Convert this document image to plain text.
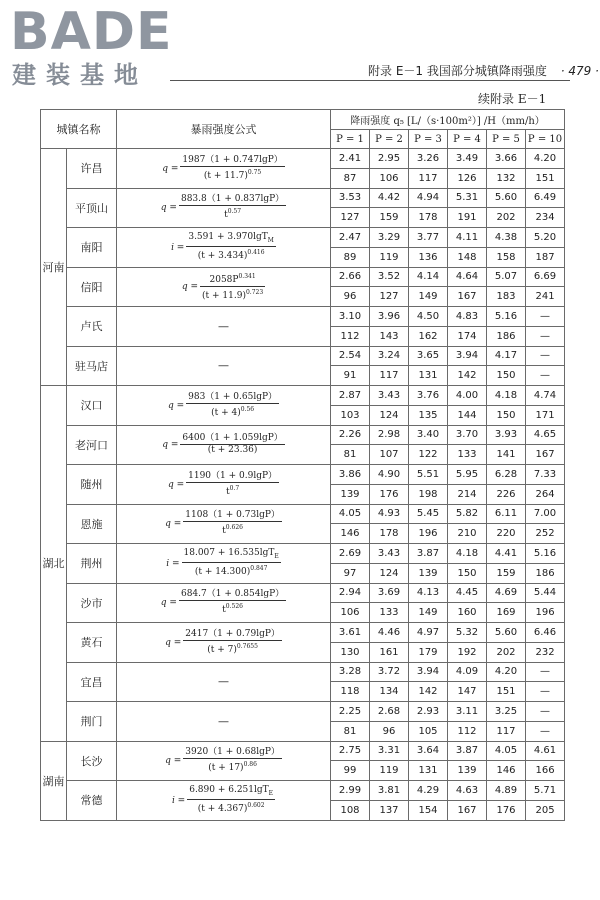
BADE
建装基地	附录 E－1 我国部分城镇降雨强度 · 479 ·
续附录 E－1
城镇名称		暴雨强度公式	降雨强度 q₅ [L/（s·100m²）] /H（mm/h）					
			P = 1	P = 2	P = 3	P = 4	P = 5	P = 10
河南	许昌	$q = \frac{1987(1 + 0.747\lg P)}{(t + 11.7)^{0.75}}$	2.41	2.95	3.26	3.49	3.66	4.20
			87	106	117	126	132	151
	平顶山	$q = \frac{883.8(1 + 0.837\lg P)}{t^{0.57}}$	3.53	4.42	4.94	5.31	5.60	6.49
			127	159	178	191	202	234
	南阳	$i = \frac{3.591 + 3.970\lg T_M}{(t + 3.434)^{0.416}}$	2.47	3.29	3.77	4.11	4.38	5.20
			89	119	136	148	158	187
	信阳	$q = \frac{2058P^{0.341}}{(t + 11.9)^{0.723}}$	2.66	3.52	4.14	4.64	5.07	6.69
			96	127	149	167	183	241
	卢氏	—	3.10	3.96	4.50	4.83	5.16	—
			112	143	162	174	186	—
	驻马店	—	2.54	3.24	3.65	3.94	4.17	—
			91	117	131	142	150	—
湖北	汉口	$q = \frac{983(1 + 0.65\lg P)}{(t + 4)^{0.56}}$	2.87	3.43	3.76	4.00	4.18	4.74
			103	124	135	144	150	171
	老河口	$q = \frac{6400(1 + 1.059\lg P)}{(t + 23.36)}$	2.26	2.98	3.40	3.70	3.93	4.65
			81	107	122	133	141	167
	随州	$q = \frac{1190(1 + 0.9\lg P)}{t^{0.7}}$	3.86	4.90	5.51	5.95	6.28	7.33
			139	176	198	214	226	264
	恩施	$q = \frac{1108(1 + 0.73\lg P)}{t^{0.626}}$	4.05	4.93	5.45	5.82	6.11	7.00
			146	178	196	210	220	252
	荆州	$i = \frac{18.007 + 16.535\lg T_E}{(t + 14.300)^{0.847}}$	2.69	3.43	3.87	4.18	4.41	5.16
			97	124	139	150	159	186
	沙市	$q = \frac{684.7(1 + 0.854\lg P)}{t^{0.526}}$	2.94	3.69	4.13	4.45	4.69	5.44
			106	133	149	160	169	196
	黄石	$q = \frac{2417(1 + 0.79\lg P)}{(t + 7)^{0.7655}}$	3.61	4.46	4.97	5.32	5.60	6.46
			130	161	179	192	202	232
	宜昌	—	3.28	3.72	3.94	4.09	4.20	—
			118	134	142	147	151	—
	荆门	—	2.25	2.68	2.93	3.11	3.25	—
			81	96	105	112	117	—
湖南	长沙	$q = \frac{3920(1 + 0.68\lg P)}{(t + 17)^{0.86}}$	2.75	3.31	3.64	3.87	4.05	4.61
			99	119	131	139	146	166
	常德	$i = \frac{6.890 + 6.251\lg T_E}{(t + 4.367)^{0.602}}$	2.99	3.81	4.29	4.63	4.89	5.71
			108	137	154	167	176	205
